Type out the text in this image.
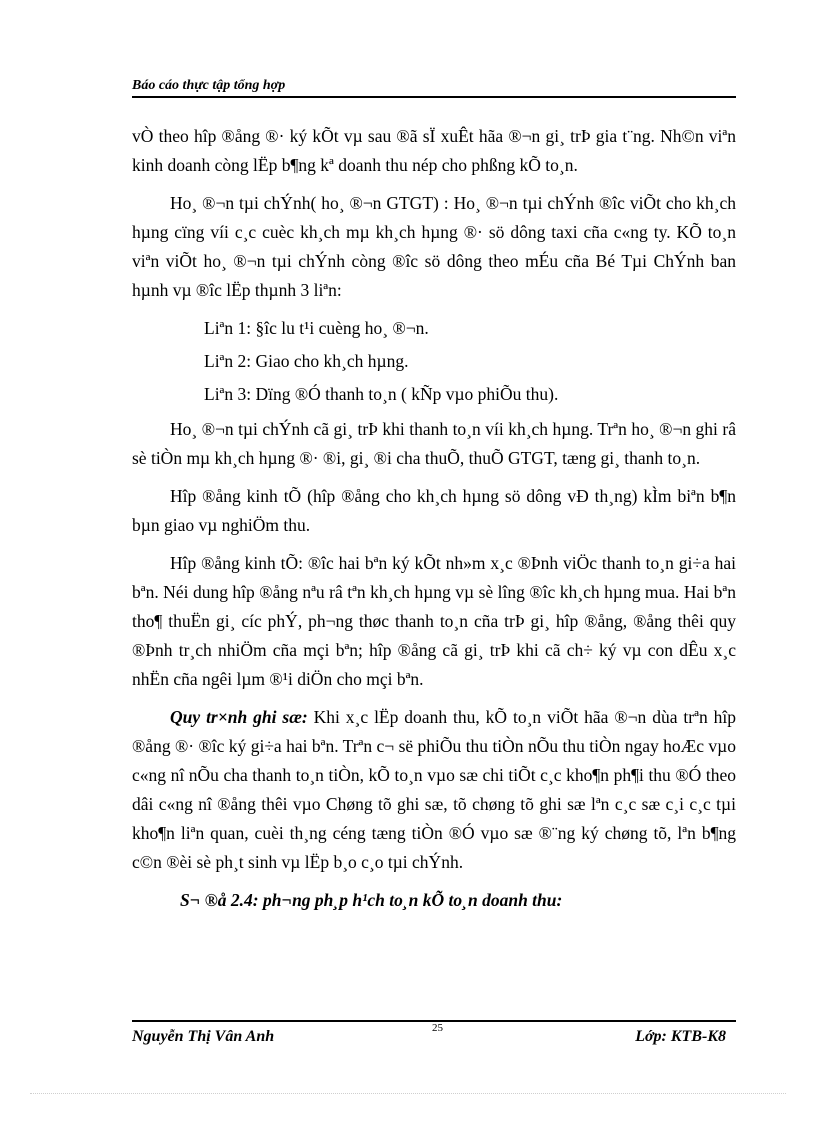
Báo cáo thực tập tổng hợp

vÒ theo hîp ®ång ®· ký kÕt vµ sau ®ã sÏ xuÊt hãa ®¬n gi¸ trÞ gia t¨ng. Nh©n viªn kinh doanh còng lËp b¶ng kª doanh thu nép cho phßng kÕ to¸n.

Ho¸ ®¬n tµi chÝnh( ho¸ ®¬n GTGT) : Ho¸ ®¬n tµi chÝnh ®îc viÕt cho kh¸ch hµng cïng víi c¸c cuèc kh¸ch mµ kh¸ch hµng ®· sö dông taxi cña c«ng ty. KÕ to¸n viªn viÕt ho¸ ®¬n tµi chÝnh còng ®îc sö dông theo mÉu cña Bé Tµi ChÝnh ban hµnh vµ ®îc lËp thµnh 3 liªn:

Liªn 1: §îc lu t¹i cuèng ho¸ ®¬n.

Liªn 2: Giao cho kh¸ch hµng.

Liªn 3: Dïng ®Ó thanh to¸n ( kÑp vµo phiÕu thu).

Ho¸ ®¬n tµi chÝnh cã gi¸ trÞ khi thanh to¸n víi kh¸ch hµng. Trªn ho¸ ®¬n ghi râ sè tiÒn mµ kh¸ch hµng ®· ®i, gi¸ ®i cha thuÕ, thuÕ GTGT, tæng gi¸ thanh to¸n.

Hîp ®ång kinh tÕ (hîp ®ång cho kh¸ch hµng sö dông vÐ th¸ng) kÌm biªn b¶n bµn giao vµ nghiÖm thu.

Hîp ®ång kinh tÕ: ®îc hai bªn ký kÕt nh»m x¸c ®Þnh viÖc thanh to¸n gi÷a hai bªn. Néi dung hîp ®ång nªu râ tªn kh¸ch hµng vµ sè lîng ®îc kh¸ch hµng mua. Hai bªn tho¶ thuËn gi¸ cíc phÝ, ph¬ng thøc thanh to¸n cña trÞ gi¸ hîp ®ång, ®ång thêi quy ®Þnh tr¸ch nhiÖm cña mçi bªn; hîp ®ång cã gi¸ trÞ khi cã ch÷ ký vµ con dÊu x¸c nhËn cña ngêi lµm ®¹i diÖn cho mçi bªn.

Quy tr×nh ghi sæ: Khi x¸c lËp doanh thu, kÕ to¸n viÕt hãa ®¬n dùa trªn hîp ®ång ®· ®îc ký gi÷a hai bªn. Trªn c¬ së phiÕu thu tiÒn nÕu thu tiÒn ngay hoÆc vµo c«ng nî nÕu cha thanh to¸n tiÒn, kÕ to¸n vµo sæ chi tiÕt c¸c kho¶n ph¶i thu ®Ó theo dâi c«ng nî ®ång thêi vµo Chøng tõ ghi sæ, tõ chøng tõ ghi sæ lªn c¸c sæ c¸i c¸c tµi kho¶n liªn quan, cuèi th¸ng céng tæng tiÒn ®Ó vµo sæ ®¨ng ký chøng tõ, lªn b¶ng c©n ®èi sè ph¸t sinh vµ lËp b¸o c¸o tµi chÝnh.

S¬ ®å 2.4: ph¬ng ph¸p h¹ch to¸n kÕ to¸n doanh thu:
Nguyễn Thị Vân Anh	25	Lớp: KTB-K8
